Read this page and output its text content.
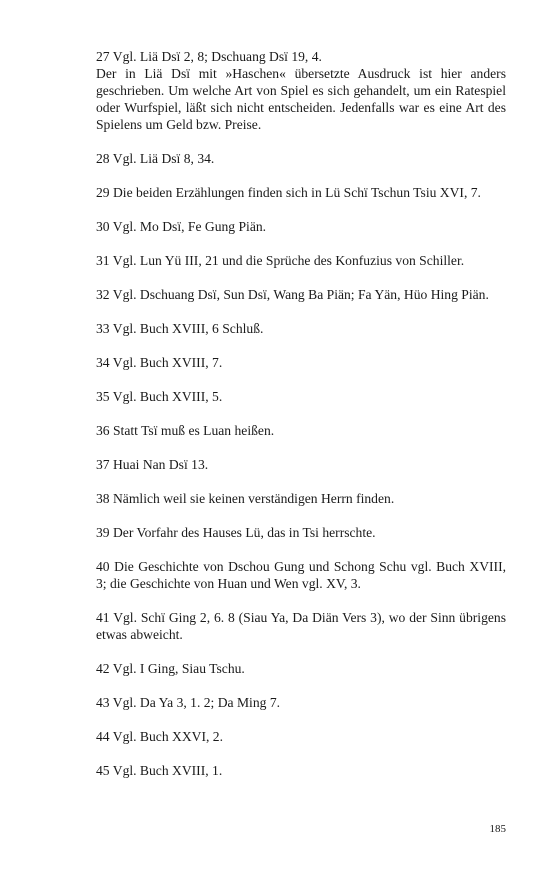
27 Vgl. Liä Dsï 2, 8; Dschuang Dsï 19, 4.
Der in Liä Dsï mit »Haschen« übersetzte Ausdruck ist hier anders geschrieben. Um welche Art von Spiel es sich gehandelt, um ein Ratespiel oder Wurfspiel, läßt sich nicht entscheiden. Jedenfalls war es eine Art des Spielens um Geld bzw. Preise.
28 Vgl. Liä Dsï 8, 34.
29 Die beiden Erzählungen finden sich in Lü Schï Tschun Tsiu XVI, 7.
30 Vgl. Mo Dsï, Fe Gung Piän.
31 Vgl. Lun Yü III, 21 und die Sprüche des Konfuzius von Schiller.
32 Vgl. Dschuang Dsï, Sun Dsï, Wang Ba Piän; Fa Yän, Hüo Hing Piän.
33 Vgl. Buch XVIII, 6 Schluß.
34 Vgl. Buch XVIII, 7.
35 Vgl. Buch XVIII, 5.
36 Statt Tsï muß es Luan heißen.
37 Huai Nan Dsï 13.
38 Nämlich weil sie keinen verständigen Herrn finden.
39 Der Vorfahr des Hauses Lü, das in Tsi herrschte.
40 Die Geschichte von Dschou Gung und Schong Schu vgl. Buch XVIII, 3; die Geschichte von Huan und Wen vgl. XV, 3.
41 Vgl. Schï Ging 2, 6. 8 (Siau Ya, Da Diän Vers 3), wo der Sinn übrigens etwas abweicht.
42 Vgl. I Ging, Siau Tschu.
43 Vgl. Da Ya 3, 1. 2; Da Ming 7.
44 Vgl. Buch XXVI, 2.
45 Vgl. Buch XVIII, 1.
185
